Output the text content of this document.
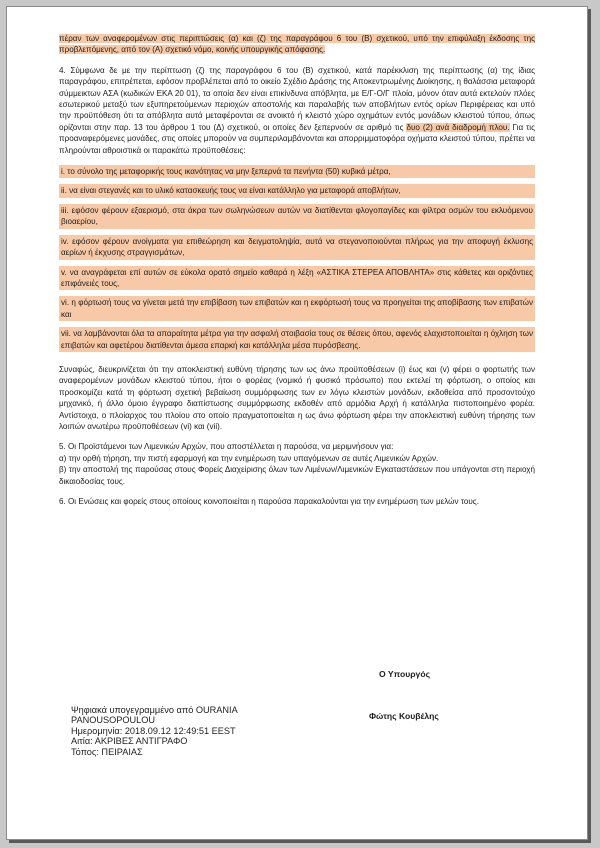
πέραν των αναφερομένων στις περιπτώσεις (α) και (ζ) της παραγράφου 6 του (Β) σχετικού, υπό την επιφύλαξη έκδοσης της προβλεπόμενης, από τον (Α) σχετικό νόμο, κοινής υπουργικής απόφασης.

4. Σύμφωνα δε με την περίπτωση (ζ) της παραγράφου 6 του (Β) σχετικού, κατά παρέκκλιση της περίπτωσης (α) της ίδιας παραγράφου, επιτρέπεται, εφόσον προβλέπεται από το οικείο Σχέδιο Δράσης της Αποκεντρωμένης Διοίκησης, η θαλάσσια μεταφορά σύμμεικτων ΑΣΑ (κωδικών ΕΚΑ 20 01), τα οποία δεν είναι επικίνδυνα απόβλητα, με Ε/Γ-Ο/Γ πλοία, μόνον όταν αυτά εκτελούν πλόες εσωτερικού μεταξύ των εξυπηρετούμενων περιοχών αποστολής και παραλαβής των αποβλήτων εντός ορίων Περιφέρειας και υπό την προϋπόθεση ότι τα απόβλητα αυτά μεταφέρονται σε ανοικτό ή κλειστό χώρο οχημάτων εντός μονάδων κλειστού τύπου, όπως ορίζονται στην παρ. 13 του άρθρου 1 του (Δ) σχετικού, οι οποίες δεν ξεπερνούν σε αριθμό τις δυο (2) ανά διαδρομή πλου. Για τις προαναφερόμενες μονάδες, στις οποίες μπορούν να συμπεριλαμβάνονται και απορριμματοφόρα οχήματα κλειστού τύπου, πρέπει να πληρούνται αθροιστικά οι παρακάτω προϋποθέσεις:

i. το σύνολο της μεταφορικής τους ικανότητας να μην ξεπερνά τα πενήντα (50) κυβικά μέτρα,

ii. να είναι στεγανές και το υλικό κατασκευής τους να είναι κατάλληλο για μεταφορά αποβλήτων,

iii. εφόσον φέρουν εξαερισμό, στα άκρα των σωληνώσεων αυτών να διατίθενται φλογοπαγίδες και φίλτρα οσμών του εκλυόμενου βιοαερίου,

iv. εφόσον φέρουν ανοίγματα για επιθεώρηση και δειγματοληψία, αυτά να στεγανοποιούνται πλήρως για την αποφυγή έκλυσης αερίων ή έκχυσης στραγγισμάτων,

v. να αναγράφεται επί αυτών σε εύκολα ορατό σημείο καθαρά η λέξη «ΑΣΤΙΚΑ ΣΤΕΡΕΑ ΑΠΟΒΛΗΤΑ» στις κάθετες και οριζόντιες επιφάνειές τους,

vi. η φόρτωσή τους να γίνεται μετά την επιβίβαση των επιβατών και η εκφόρτωσή τους να προηγείται της αποβίβασης των επιβατών και

vii. να λαμβάνονται όλα τα απαραίτητα μέτρα για την ασφαλή στοιβασία τους σε θέσεις όπου, αφενός ελαχιστοποιείται η όχληση των επιβατών και αφετέρου διατίθενται άμεσα επαρκή και κατάλληλα μέσα πυρόσβεσης.

Συναφώς, διευκρινίζεται ότι την αποκλειστική ευθύνη τήρησης των ως άνω προϋποθέσεων (i) έως και (v) φέρει ο φορτωτής των αναφερομένων μονάδων κλειστού τύπου, ήτοι ο φορέας (νομικό ή φυσικό πρόσωπο) που εκτελεί τη φόρτωση, ο οποίος και προσκομίζει κατά τη φόρτωση σχετική βεβαίωση συμμόρφωσης των εν λόγω κλειστών μονάδων, εκδοθείσα από προσοντούχο μηχανικό, ή άλλο όμοιο έγγραφο διαπίστωσης συμμόρφωσης εκδοθέν από αρμόδια Αρχή ή κατάλληλα πιστοποιημένο φορέα. Αντίστοιχα, ο πλοίαρχος του πλοίου στο οποίο πραγματοποιείται η ως άνω φόρτωση φέρει την αποκλειστική ευθύνη τήρησης των λοιπών ανωτέρω προϋποθέσεων (vi) και (vii).

5. Οι Προϊστάμενοι των Λιμενικών Αρχών, που αποστέλλεται η παρούσα, να μεριμνήσουν για:

α) την ορθή τήρηση, την πιστή εφαρμογή και την ενημέρωση των υπαγόμενων σε αυτές Λιμενικών Αρχών.

β) την αποστολή της παρούσας στους Φορείς Διαχείρισης όλων των Λιμένων/Λιμενικών Εγκαταστάσεων που υπάγονται στη περιοχή δικαιοδοσίας τους.

6. Οι Ενώσεις και φορείς στους οποίους κοινοποιείται η παρούσα παρακαλούνται για την ενημέρωση των μελών τους.

Ο Υπουργός
Φώτης Κουβέλης
Ψηφιακά υπογεγραμμένο από OURANIA
PANOUSOPOULOU
Ημερομηνία: 2018.09.12 12:49:51 EEST
Αιτία: ΑΚΡΙΒΕΣ ΑΝΤΙΓΡΑΦΟ
Τόπος: ΠΕΙΡΑΙΑΣ
